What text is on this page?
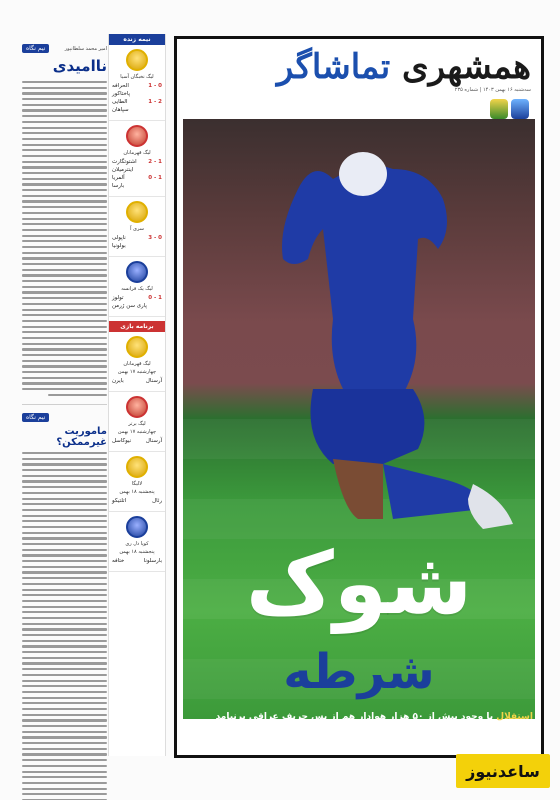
نیم نگاه	امیر محمد سلطانپور
ناامیدی
نیم نگاه
ماموریت غیرممکن؟
نیمه زنده
لیگ نخبگان آسیا
الحرافه	1 - 0
پاختاکور
الطایی	1 - 2
سپاهان
لیگ قهرمانان
اشتوتگارت 2 - 1
اینترمیلان
آلمریا	0 - 1
بارسا
سری آ
ناپولی	3 - 0
بولونیا
لیگ یک فرانسه
تولوز	0 - 1
پاری سن ژرمن
برنامه بازی
لیگ قهرمانان
چهارشنبه ۱۷ بهمن
بایرن	آرسنال
لیگ برتر
چهارشنبه ۱۷ بهمن
نیوکاسل	آرسنال
لالیگا
پنجشنبه ۱۸ بهمن
اتلتیکو	رئال
کوپا دل ری
پنجشنبه ۱۸ بهمن
ختافه	بارسلونا
همشهری تماشاگر
سه‌شنبه ۱۶ بهمن ۱۴۰۳ | شماره ۲۳۵
شوک
شرطه
استقلال با وجود بیش از ۵۰ هزار هوادار هم از پس حریف عراقی برنیامد
تا در آستانه حذف از لیگ نخبگان آسیا قرار بگیرد
ساعدنیوز
